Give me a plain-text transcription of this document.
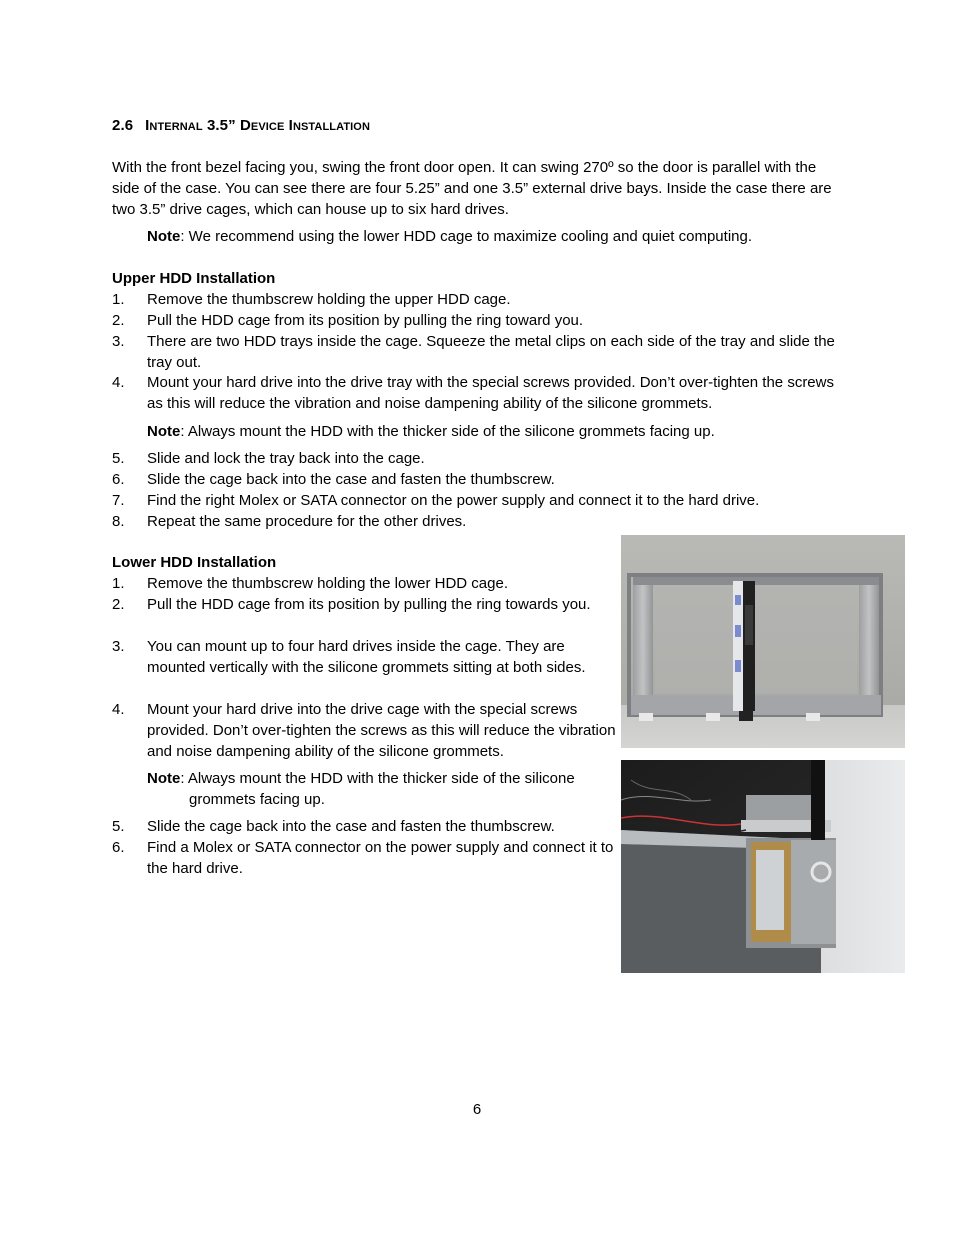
2.6 Internal 3.5” Device Installation
With the front bezel facing you, swing the front door open. It can swing 270º so the door is parallel with the side of the case. You can see there are four 5.25” and one 3.5” external drive bays. Inside the case there are two 3.5” drive cages, which can house up to six hard drives.
Note: We recommend using the lower HDD cage to maximize cooling and quiet computing.
Upper HDD Installation
1. Remove the thumbscrew holding the upper HDD cage.
2. Pull the HDD cage from its position by pulling the ring toward you.
3. There are two HDD trays inside the cage. Squeeze the metal clips on each side of the tray and slide the tray out.
4. Mount your hard drive into the drive tray with the special screws provided. Don’t over-tighten the screws as this will reduce the vibration and noise dampening ability of the silicone grommets.
Note: Always mount the HDD with the thicker side of the silicone grommets facing up.
5. Slide and lock the tray back into the cage.
6. Slide the cage back into the case and fasten the thumbscrew.
7. Find the right Molex or SATA connector on the power supply and connect it to the hard drive.
8. Repeat the same procedure for the other drives.
Lower HDD Installation
1. Remove the thumbscrew holding the lower HDD cage.
2. Pull the HDD cage from its position by pulling the ring towards you.
3. You can mount up to four hard drives inside the cage. They are mounted vertically with the silicone grommets sitting at both sides.
4. Mount your hard drive into the drive cage with the special screws provided. Don’t over-tighten the screws as this will reduce the vibration and noise dampening ability of the silicone grommets.
Note: Always mount the HDD with the thicker side of the silicone
grommets facing up.
5. Slide the cage back into the case and fasten the thumbscrew.
6. Find a Molex or SATA connector on the power supply and connect it to the hard drive.
6
